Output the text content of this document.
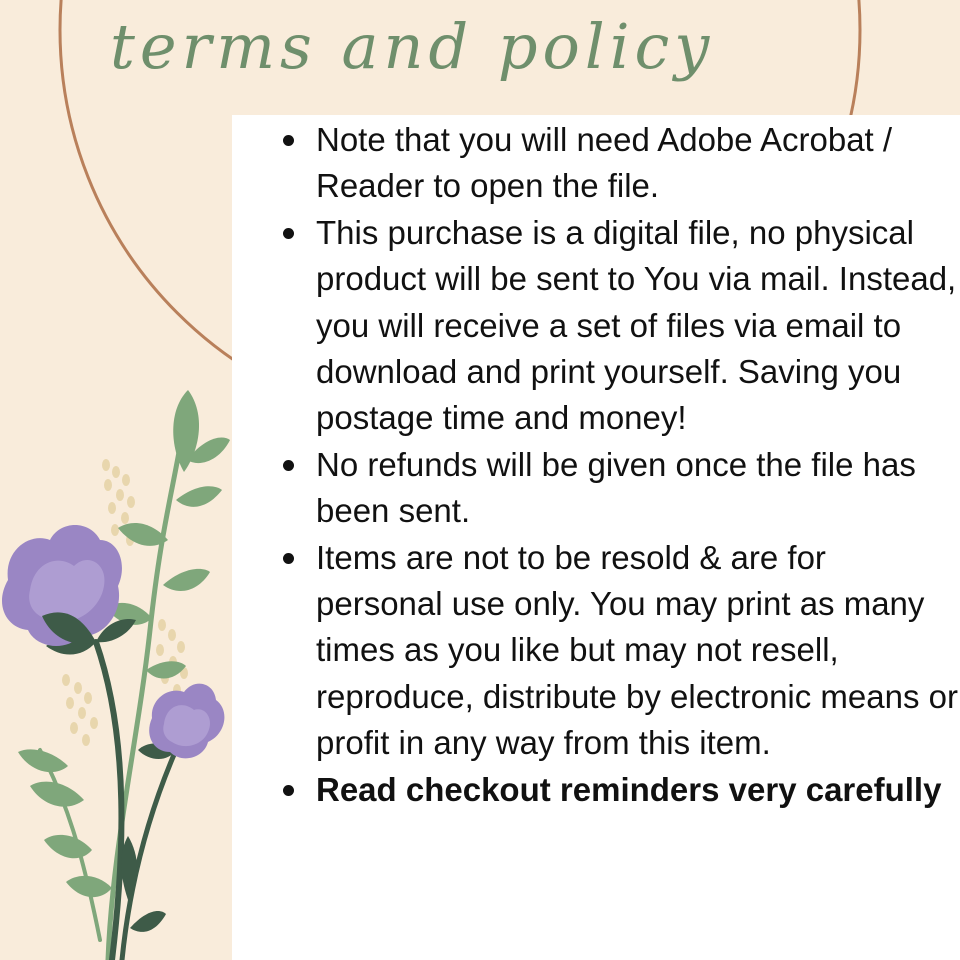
terms and policy
Note that you will need Adobe Acrobat / Reader to open the file.
This purchase is a digital file, no physical product will be sent to You via mail. Instead, you will receive a set of files via email to download and print yourself. Saving you postage time and money!
No refunds will be given once the file has been sent.
Items are not to be resold & are for personal use only. You may print as many times as you like but may not resell, reproduce, distribute by electronic means or profit in any way from this item.
Read checkout reminders very carefully
